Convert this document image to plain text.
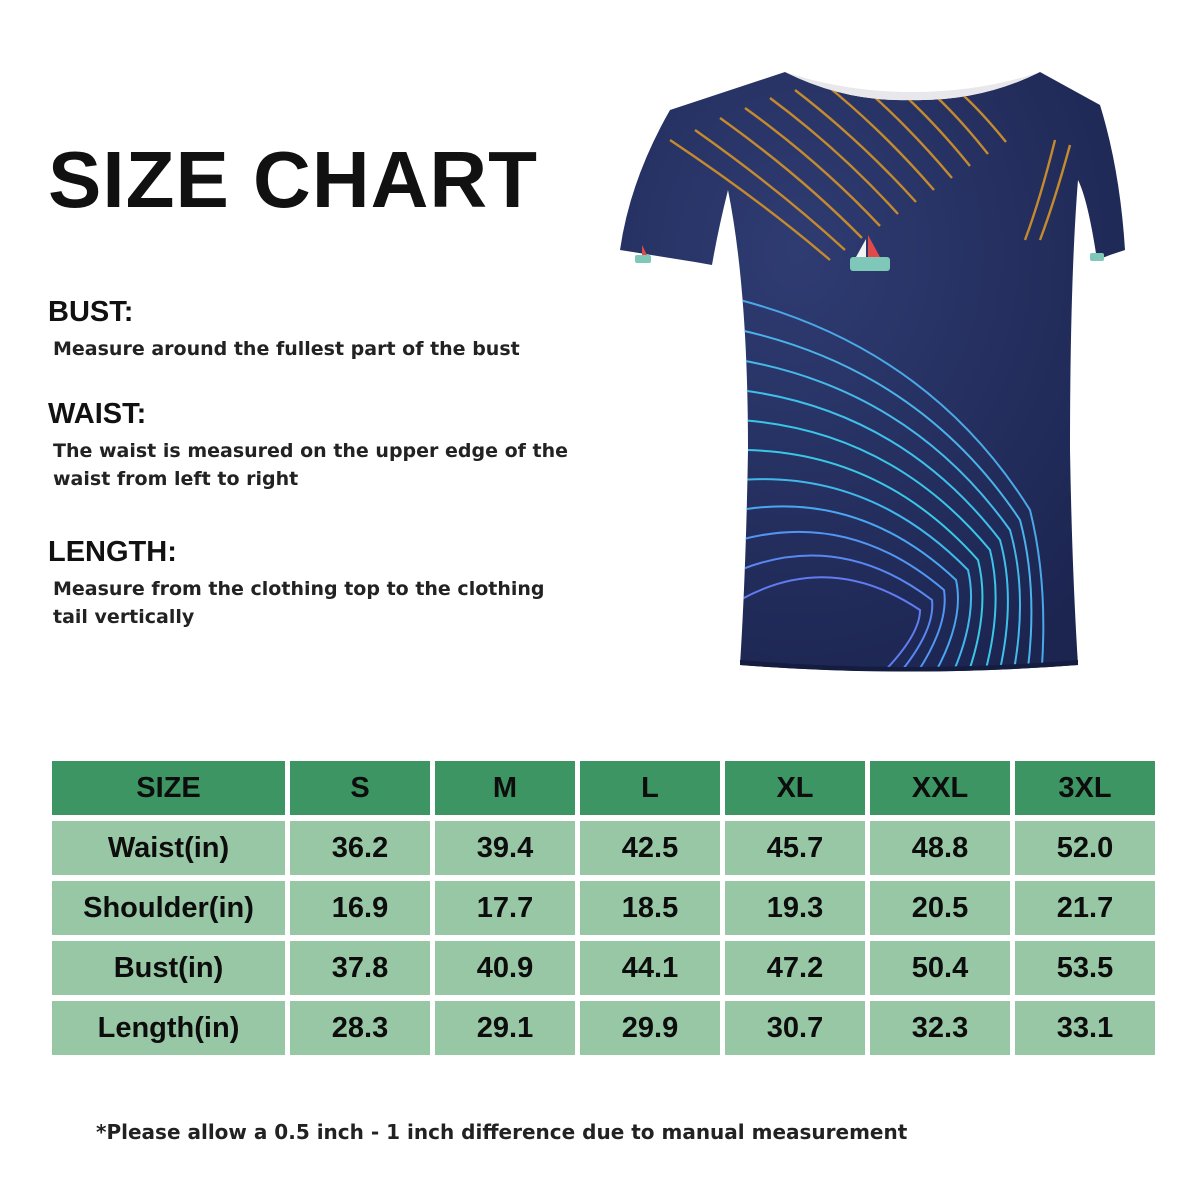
SIZE CHART

BUST:

Measure around the fullest part of the bust

WAIST:

The waist is measured on the upper edge of the waist from left to right

LENGTH:

Measure from the clothing top to the clothing tail vertically

SIZE	S	M	L	XL	XXL	3XL
Waist(in)	36.2	39.4	42.5	45.7	48.8	52.0
Shoulder(in)	16.9	17.7	18.5	19.3	20.5	21.7
Bust(in)	37.8	40.9	44.1	47.2	50.4	53.5
Length(in)	28.3	29.1	29.9	30.7	32.3	33.1

*Please allow a 0.5 inch - 1 inch difference due to manual measurement
